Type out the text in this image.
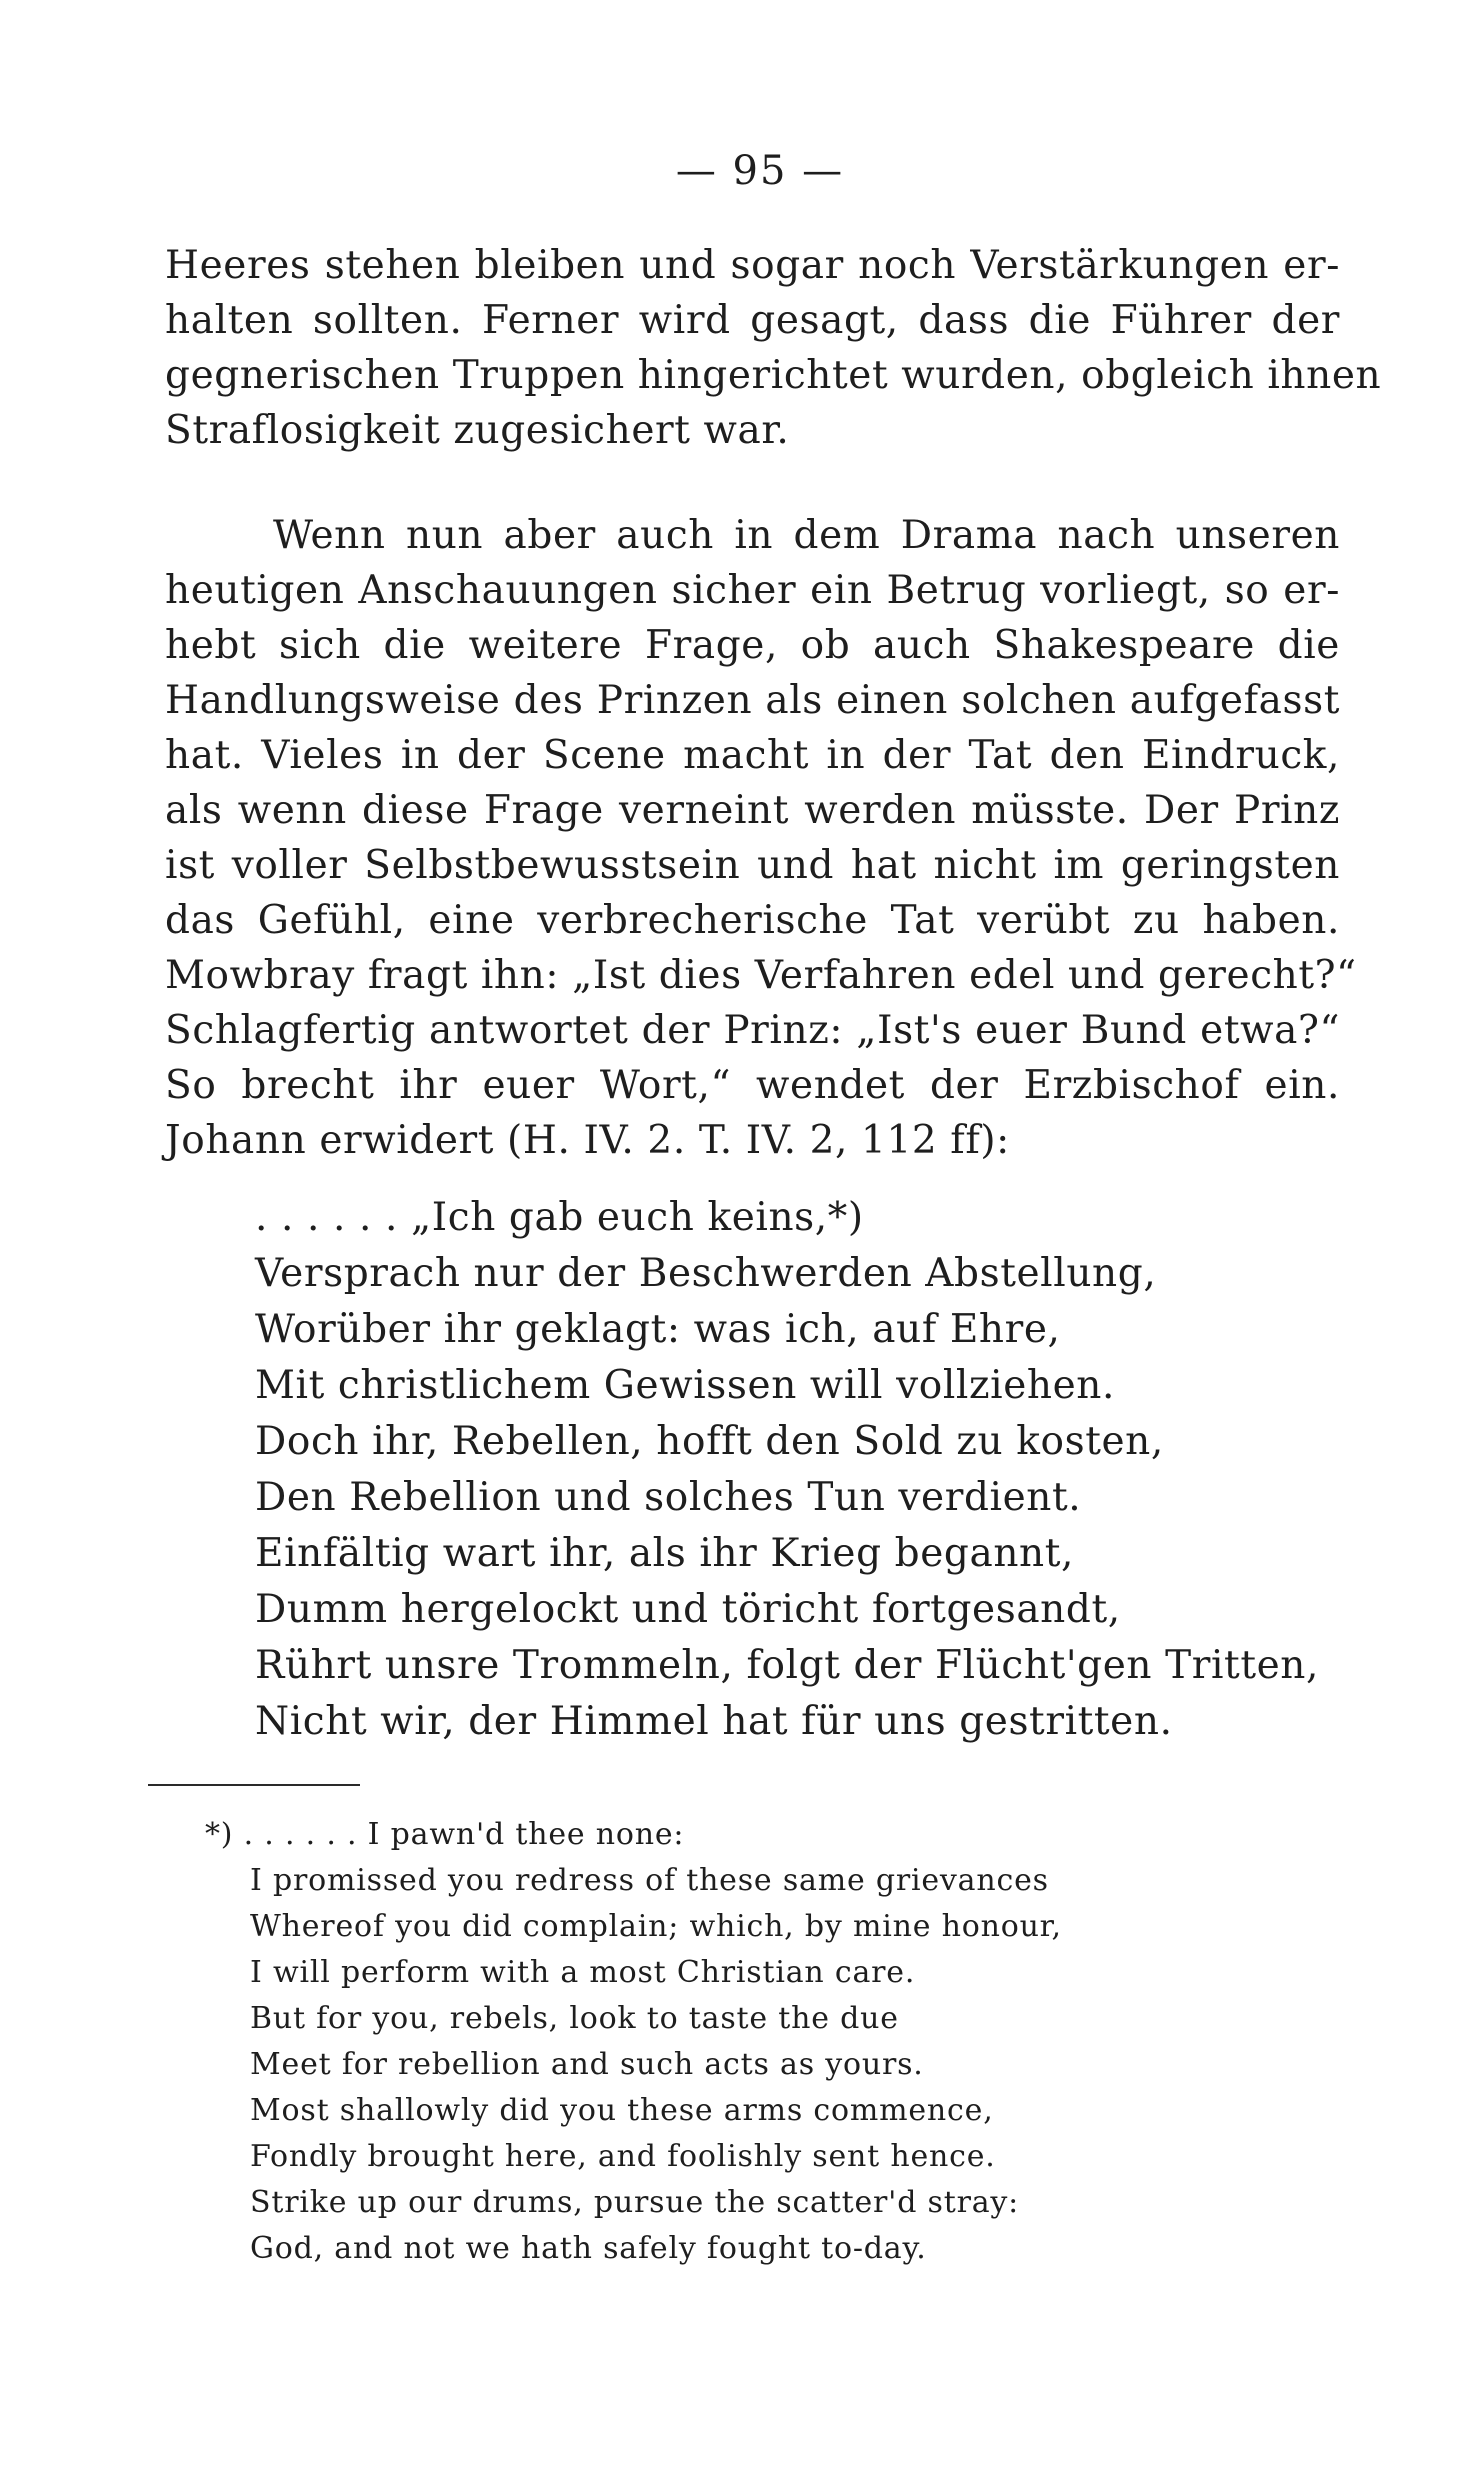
— 95 —
Heeres stehen bleiben und sogar noch Verstärkungen er-
halten sollten. Ferner wird gesagt, dass die Führer der
gegnerischen Truppen hingerichtet wurden, obgleich ihnen
Straflosigkeit zugesichert war.
Wenn nun aber auch in dem Drama nach unseren
heutigen Anschauungen sicher ein Betrug vorliegt, so er-
hebt sich die weitere Frage, ob auch Shakespeare die
Handlungsweise des Prinzen als einen solchen aufgefasst
hat. Vieles in der Scene macht in der Tat den Eindruck,
als wenn diese Frage verneint werden müsste. Der Prinz
ist voller Selbstbewusstsein und hat nicht im geringsten
das Gefühl, eine verbrecherische Tat verübt zu haben.
Mowbray fragt ihn: „Ist dies Verfahren edel und gerecht?“
Schlagfertig antwortet der Prinz: „Ist's euer Bund etwa?“
So brecht ihr euer Wort,“ wendet der Erzbischof ein.
Johann erwidert (H. IV. 2. T. IV. 2, 112 ff):
. . . . . . „Ich gab euch keins,*)
Versprach nur der Beschwerden Abstellung,
Worüber ihr geklagt: was ich, auf Ehre,
Mit christlichem Gewissen will vollziehen.
Doch ihr, Rebellen, hofft den Sold zu kosten,
Den Rebellion und solches Tun verdient.
Einfältig wart ihr, als ihr Krieg begannt,
Dumm hergelockt und töricht fortgesandt,
Rührt unsre Trommeln, folgt der Flücht'gen Tritten,
Nicht wir, der Himmel hat für uns gestritten.
*) . . . . . . I pawn'd thee none:
I promissed you redress of these same grievances
Whereof you did complain; which, by mine honour,
I will perform with a most Christian care.
But for you, rebels, look to taste the due
Meet for rebellion and such acts as yours.
Most shallowly did you these arms commence,
Fondly brought here, and foolishly sent hence.
Strike up our drums, pursue the scatter'd stray:
God, and not we hath safely fought to-day.
